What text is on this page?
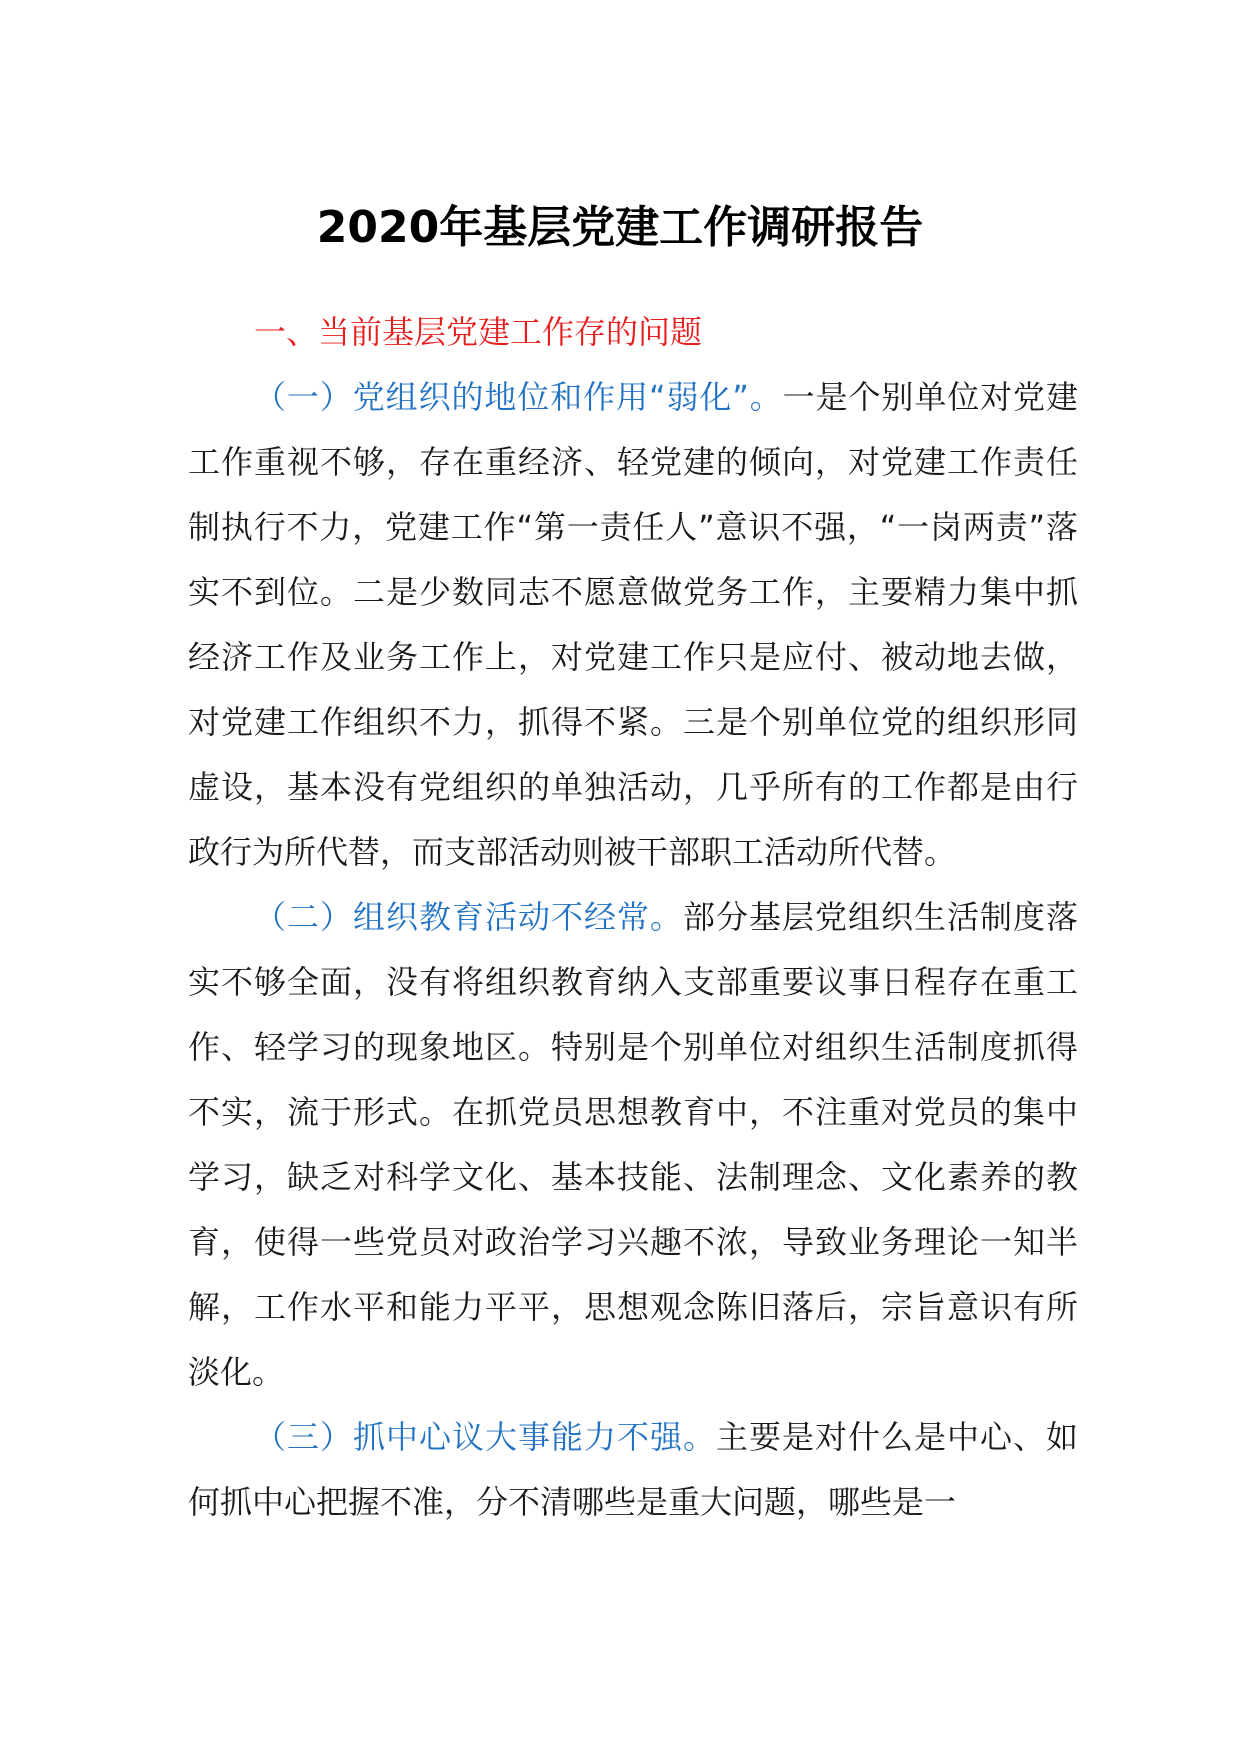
2020年基层党建工作调研报告

一、当前基层党建工作存的问题

（一）党组织的地位和作用“弱化”。一是个别单位对党建工作重视不够，存在重经济、轻党建的倾向，对党建工作责任制执行不力，党建工作“第一责任人”意识不强，“一岗两责”落实不到位。二是少数同志不愿意做党务工作，主要精力集中抓经济工作及业务工作上，对党建工作只是应付、被动地去做，对党建工作组织不力，抓得不紧。三是个别单位党的组织形同虚设，基本没有党组织的单独活动，几乎所有的工作都是由行政行为所代替，而支部活动则被干部职工活动所代替。

（二）组织教育活动不经常。部分基层党组织生活制度落实不够全面，没有将组织教育纳入支部重要议事日程存在重工作、轻学习的现象地区。特别是个别单位对组织生活制度抓得不实，流于形式。在抓党员思想教育中，不注重对党员的集中学习，缺乏对科学文化、基本技能、法制理念、文化素养的教育，使得一些党员对政治学习兴趣不浓，导致业务理论一知半解，工作水平和能力平平，思想观念陈旧落后，宗旨意识有所淡化。

（三）抓中心议大事能力不强。主要是对什么是中心、如何抓中心把握不准，分不清哪些是重大问题，哪些是一
